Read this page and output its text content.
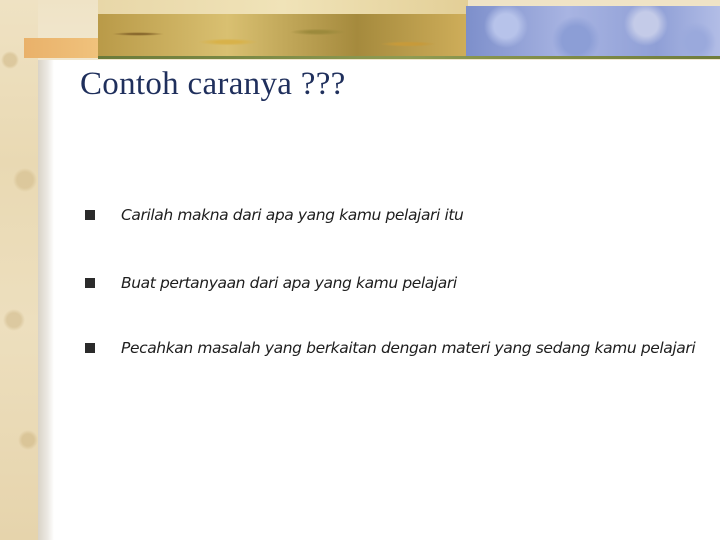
Contoh caranya ???
Carilah makna dari apa yang kamu pelajari itu
Buat pertanyaan dari apa yang kamu pelajari
Pecahkan masalah yang berkaitan dengan materi yang sedang kamu pelajari
